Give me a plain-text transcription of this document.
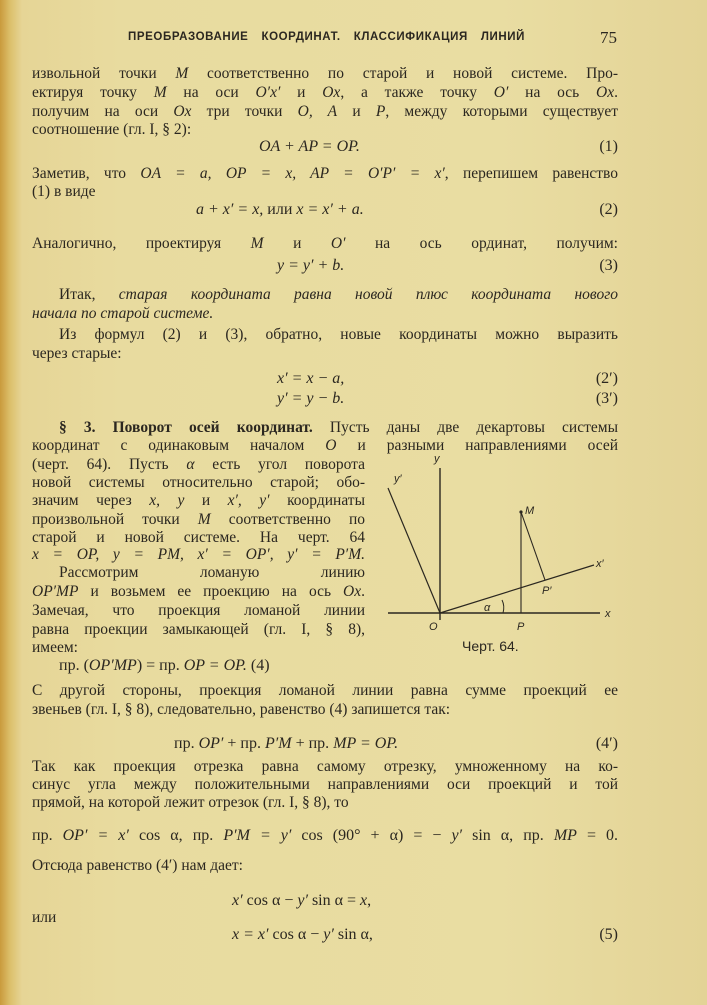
ПРЕОБРАЗОВАНИЕ КООРДИНАТ. КЛАССИФИКАЦИЯ ЛИНИЙ	75
извольной точки M соответственно по старой и новой системе. Про-
ектируя точку M на оси O′x′ и Ox, а также точку O′ на ось Ox.
получим на оси Ox три точки O, A и P, между которыми существует
соотношение (гл. I, § 2):
OA + AP = OP.	(1)
Заметив, что OA = a, OP = x, AP = O′P′ = x′, перепишем равенство
(1) в виде
a + x′ = x, или x = x′ + a.	(2)
Аналогично, проектируя M и O′ на ось ординат, получим:
y = y′ + b.	(3)
Итак, старая координата равна новой плюс координата нового
начала по старой системе.
Из формул (2) и (3), обратно, новые координаты можно выразить
через старые:
x′ = x − a,	(2′)
y′ = y − b.	(3′)
§ 3. Поворот осей координат. Пусть даны две декартовы системы
координат с одинаковым началом O и разными направлениями осей
(черт. 64). Пусть α есть угол поворота
новой системы относительно старой; обо-
значим через x, y и x′, y′ координаты
произвольной точки M соответственно по
старой и новой системе. На черт. 64
x = OP, y = PM, x′ = OP′, y′ = P′M.
Рассмотрим ломаную линию
OP′MP и возьмем ее проекцию на ось Ox.
Замечая, что проекция ломаной линии
равна проекции замыкающей (гл. I, § 8),
имеем:
пр. (OP′MP) = пр. OP = OP. (4)
y
y′
x
x′
M
P′
α
O	P
Черт. 64.
С другой стороны, проекция ломаной линии равна сумме проекций ее
звеньев (гл. I, § 8), следовательно, равенство (4) запишется так:
пр. OP′ + пр. P′M + пр. MP = OP.	(4′)
Так как проекция отрезка равна самому отрезку, умноженному на ко-
синус угла между положительными направлениями оси проекций и той
прямой, на которой лежит отрезок (гл. I, § 8), то
пр. OP′ = x′ cos α, пр. P′M = y′ cos (90° + α) = − y′ sin α, пр. MP = 0.
Отсюда равенство (4′) нам дает:
x′ cos α − y′ sin α = x,
или
x = x′ cos α − y′ sin α,	(5)
